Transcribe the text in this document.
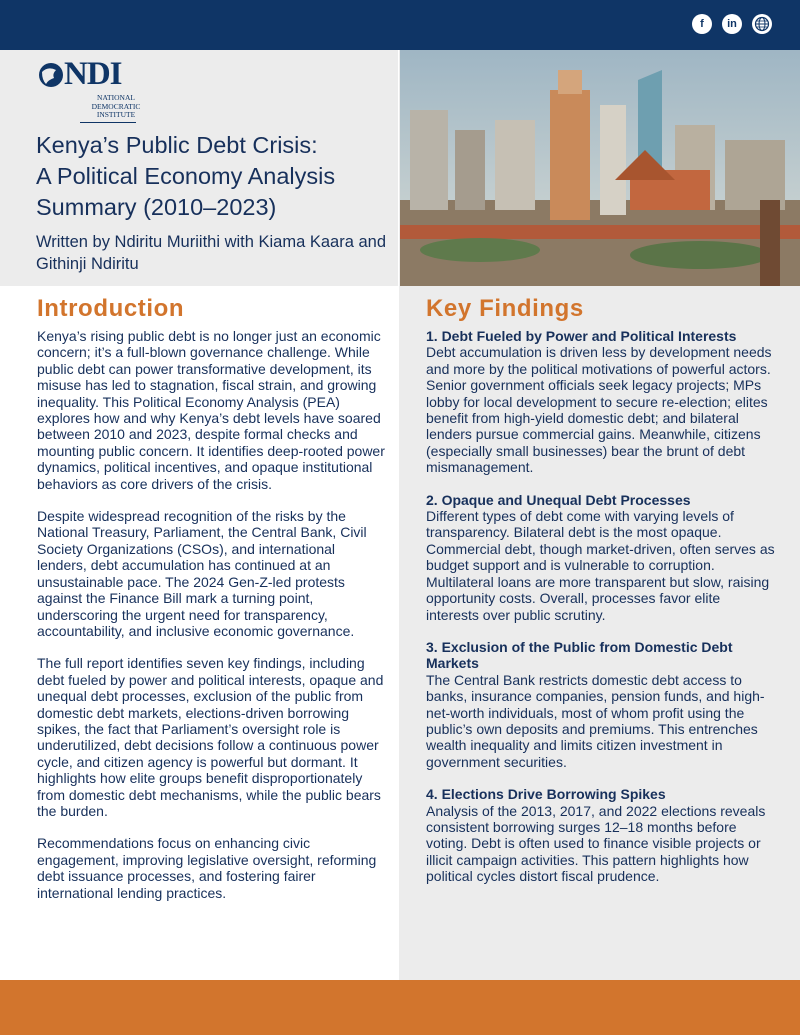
f	in
NDI
NATIONAL DEMOCRATIC INSTITUTE
Kenya’s Public Debt Crisis:
A Political Economy Analysis
Summary (2010–2023)
Written by Ndiritu Muriithi with Kiama Kaara and Githinji Ndiritu
Introduction

Kenya’s rising public debt is no longer just an economic concern; it’s a full-blown governance challenge. While public debt can power transformative development, its misuse has led to stagnation, fiscal strain, and growing inequality. This Political Economy Analysis (PEA) explores how and why Kenya’s debt levels have soared between 2010 and 2023, despite formal checks and mounting public concern. It identifies deep-rooted power dynamics, political incentives, and opaque institutional behaviors as core drivers of the crisis.

Despite widespread recognition of the risks by the National Treasury, Parliament, the Central Bank, Civil Society Organizations (CSOs), and international lenders, debt accumulation has continued at an unsustainable pace. The 2024 Gen-Z-led protests against the Finance Bill mark a turning point, underscoring the urgent need for transparency, accountability, and inclusive economic governance.

The full report identifies seven key findings, including debt fueled by power and political interests, opaque and unequal debt processes, exclusion of the public from domestic debt markets, elections-driven borrowing spikes, the fact that Parliament’s oversight role is underutilized, debt decisions follow a continuous power cycle, and citizen agency is powerful but dormant. It highlights how elite groups benefit disproportionately from domestic debt mechanisms, while the public bears the burden.

Recommendations focus on enhancing civic engagement, improving legislative oversight, reforming debt issuance processes, and fostering fairer international lending practices.

Key Findings
1. Debt Fueled by Power and Political Interests
Debt accumulation is driven less by development needs and more by the political motivations of powerful actors. Senior government officials seek legacy projects; MPs lobby for local development to secure re-election; elites benefit from high-yield domestic debt; and bilateral lenders pursue commercial gains. Meanwhile, citizens (especially small businesses) bear the brunt of debt mismanagement.
2. Opaque and Unequal Debt Processes
Different types of debt come with varying levels of transparency. Bilateral debt is the most opaque. Commercial debt, though market-driven, often serves as budget support and is vulnerable to corruption. Multilateral loans are more transparent but slow, raising opportunity costs. Overall, processes favor elite interests over public scrutiny.
3. Exclusion of the Public from Domestic Debt Markets
The Central Bank restricts domestic debt access to banks, insurance companies, pension funds, and high-net-worth individuals, most of whom profit using the public’s own deposits and premiums. This entrenches wealth inequality and limits citizen investment in government securities.
4. Elections Drive Borrowing Spikes
Analysis of the 2013, 2017, and 2022 elections reveals consistent borrowing surges 12–18 months before voting. Debt is often used to finance visible projects or illicit campaign activities. This pattern highlights how political cycles distort fiscal prudence.
